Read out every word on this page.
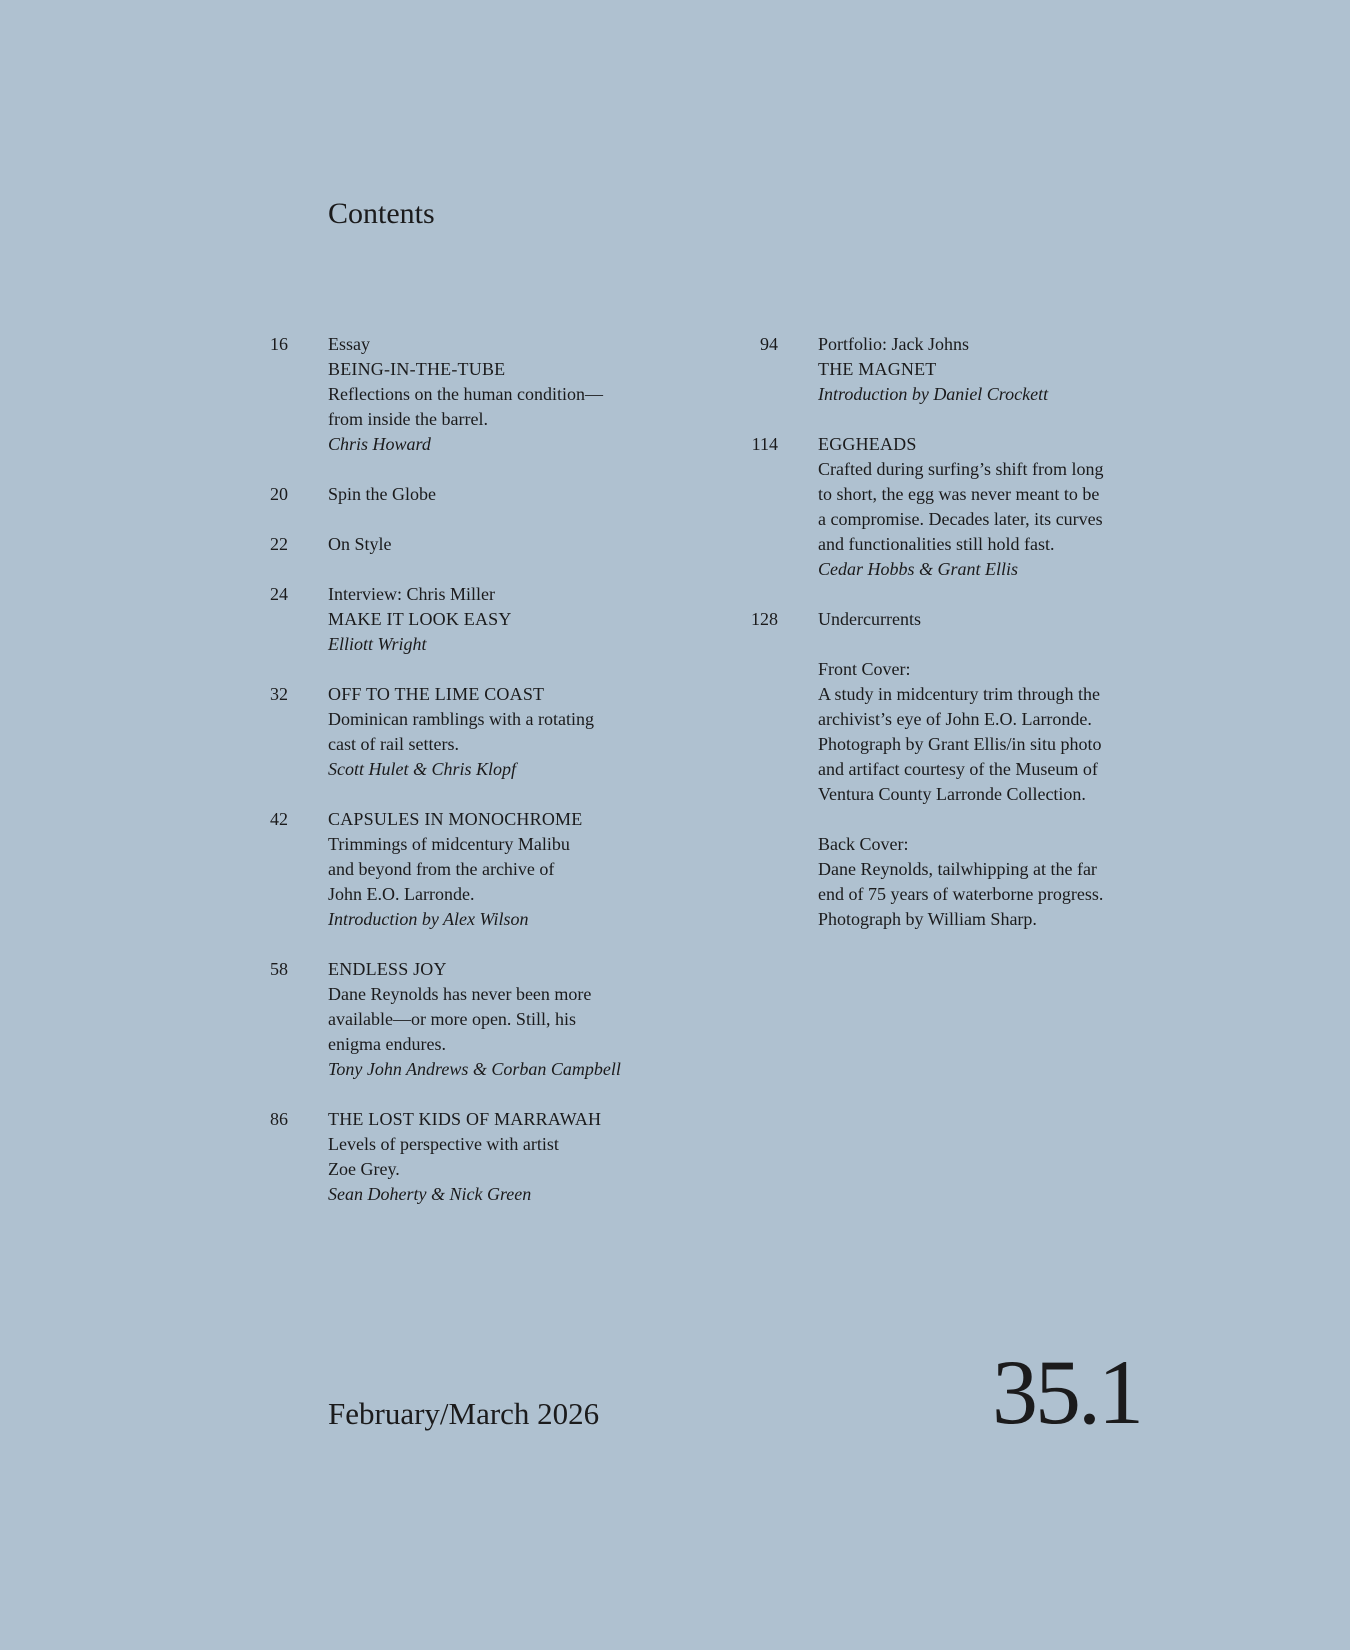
Contents
16 Essay
BEING-IN-THE-TUBE
Reflections on the human condition—
from inside the barrel.
Chris Howard
20 Spin the Globe
22 On Style
24 Interview: Chris Miller
MAKE IT LOOK EASY
Elliott Wright
32 OFF TO THE LIME COAST
Dominican ramblings with a rotating
cast of rail setters.
Scott Hulet & Chris Klopf
42 CAPSULES IN MONOCHROME
Trimmings of midcentury Malibu
and beyond from the archive of
John E.O. Larronde.
Introduction by Alex Wilson
58 ENDLESS JOY
Dane Reynolds has never been more
available—or more open. Still, his
enigma endures.
Tony John Andrews & Corban Campbell
86 THE LOST KIDS OF MARRAWAH
Levels of perspective with artist
Zoe Grey.
Sean Doherty & Nick Green
94 Portfolio: Jack Johns
THE MAGNET
Introduction by Daniel Crockett
114 EGGHEADS
Crafted during surfing’s shift from long
to short, the egg was never meant to be
a compromise. Decades later, its curves
and functionalities still hold fast.
Cedar Hobbs & Grant Ellis
128 Undercurrents
Front Cover:
A study in midcentury trim through the
archivist’s eye of John E.O. Larronde.
Photograph by Grant Ellis/in situ photo
and artifact courtesy of the Museum of
Ventura County Larronde Collection.
Back Cover:
Dane Reynolds, tailwhipping at the far
end of 75 years of waterborne progress.
Photograph by William Sharp.
February/March 2026	35.1
